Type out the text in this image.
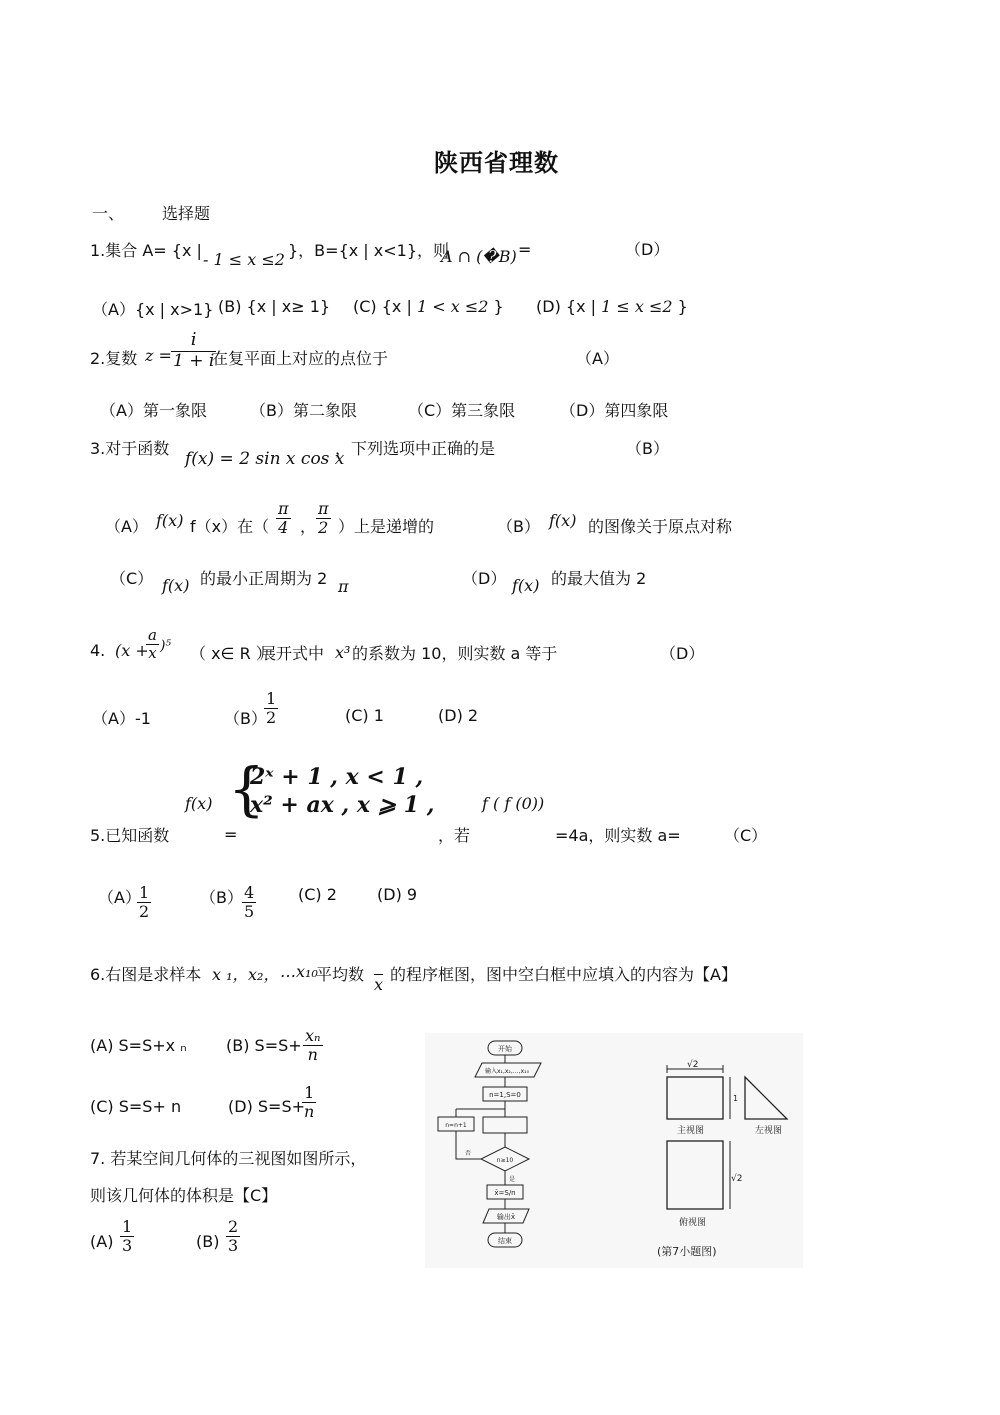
陕西省理数
一、 选择题
1.集合 A= {x | - 1 ≤ x ≤2 }，B={x | x<1}，则
A ∩ (�B) =	（D）
（A）{x | x>1} (B) {x | x≥ 1} (C) {x | 1 < x ≤2 } (D) {x | 1 ≤ x ≤2 }
2.复数 $z = \frac{i}{1 + i}$
在复平面上对应的点位于	（A）
（A）第一象限	（B）第二象限	（C）第三象限	（D）第四象限
3.对于函数
f(x) = 2 sin x cos x
，下列选项中正确的是	（B）
（A） f(x) f（x）在（ $\frac{\pi}{4}$ ， $\frac{\pi}{2}$ ）上是递增的	（B） f(x) 的图像关于原点对称
（C） f(x) 的最小正周期为 2 π	（D） f(x) 的最大值为 2
4. (x +
$\frac{a}{x} )^5$ （ x∈ R ）
展开式中 x³ 的系数为 10，则实数 a 等于	（D）
（A）-1	（B）
$\frac{1}{2}$	(C) 1	(D) 2
f(x) {
2ˣ + 1 , x < 1 ,
x² + ax , x ⩾ 1 ,	f ( f (0))
5.已知函数	=	，若	=4a，则实数 a=	（C）
（A）
$\frac{1}{2}$	$(B) \frac{4}{5}$	(C) 2	(D) 9
6.右图是求样本 x ₁， x₂， …x₁₀
平均数
x
的程序框图，图中空白框中应填入的内容为【A】
(A) S=S+x ₙ (B) $S=S+ \frac{\text{xₙ}}{n}$
(C) S=S+ n	(D) S=S+
$\frac{1}{n}$
7. 若某空间几何体的三视图如图所示，
则该几何体的体积是【C】
$(A) \frac{1}{3}$	$(B) \frac{2}{3}$
开始
输入x₁,x₂,…,x₁₀
n=1,S=0
n=n+1
n≥10
否
是
x̄=S/n
输出x̄
结束
√2
1
主视图	左视图
√2
俯视图
(第7小题图)
